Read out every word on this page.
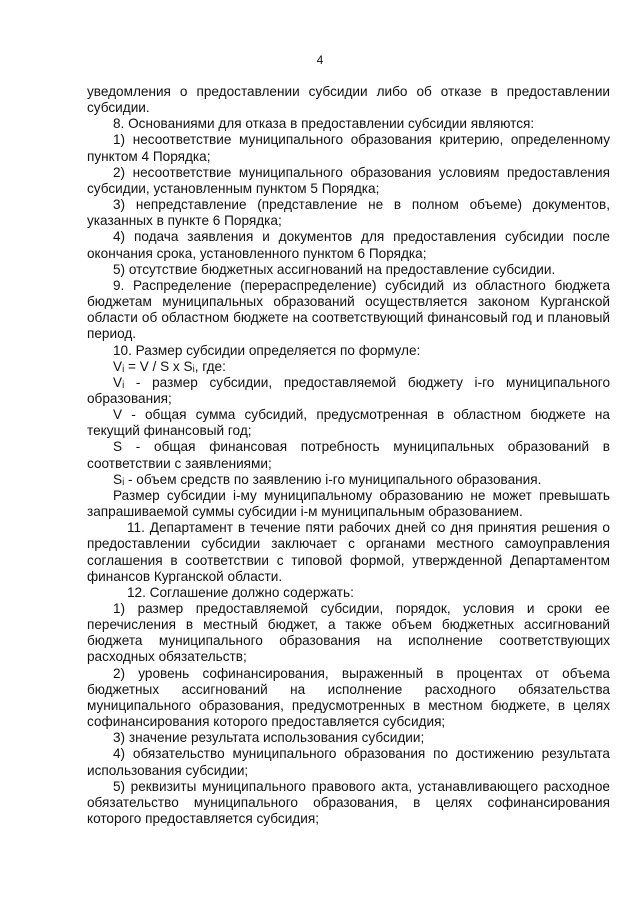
4

уведомления о предоставлении субсидии либо об отказе в предоставлении субсидии.

8. Основаниями для отказа в предоставлении субсидии являются:

1) несоответствие муниципального образования критерию, определенному пунктом 4 Порядка;

2) несоответствие муниципального образования условиям предоставления субсидии, установленным пунктом 5 Порядка;

3) непредставление (представление не в полном объеме) документов, указанных в пункте 6 Порядка;

4) подача заявления и документов для предоставления субсидии после окончания срока, установленного пунктом 6 Порядка;

5) отсутствие бюджетных ассигнований на предоставление субсидии.

9. Распределение (перераспределение) субсидий из областного бюджета бюджетам муниципальных образований осуществляется законом Курганской области об областном бюджете на соответствующий финансовый год и плановый период.

10. Размер субсидии определяется по формуле:

Vᵢ = V / S x Sᵢ, где:

Vᵢ - размер субсидии, предоставляемой бюджету i-го муниципального образования;

V - общая сумма субсидий, предусмотренная в областном бюджете на текущий финансовый год;

S - общая финансовая потребность муниципальных образований в соответствии с заявлениями;

Sᵢ - объем средств по заявлению i-го муниципального образования.

Размер субсидии i-му муниципальному образованию не может превышать запрашиваемой суммы субсидии i-м муниципальным образованием.

11. Департамент в течение пяти рабочих дней со дня принятия решения о предоставлении субсидии заключает с органами местного самоуправления соглашения в соответствии с типовой формой, утвержденной Департаментом финансов Курганской области.

12. Соглашение должно содержать:

1) размер предоставляемой субсидии, порядок, условия и сроки ее перечисления в местный бюджет, а также объем бюджетных ассигнований бюджета муниципального образования на исполнение соответствующих расходных обязательств;

2) уровень софинансирования, выраженный в процентах от объема бюджетных ассигнований на исполнение расходного обязательства муниципального образования, предусмотренных в местном бюджете, в целях софинансирования которого предоставляется субсидия;

3) значение результата использования субсидии;

4) обязательство муниципального образования по достижению результата использования субсидии;

5) реквизиты муниципального правового акта, устанавливающего расходное обязательство муниципального образования, в целях софинансирования которого предоставляется субсидия;
